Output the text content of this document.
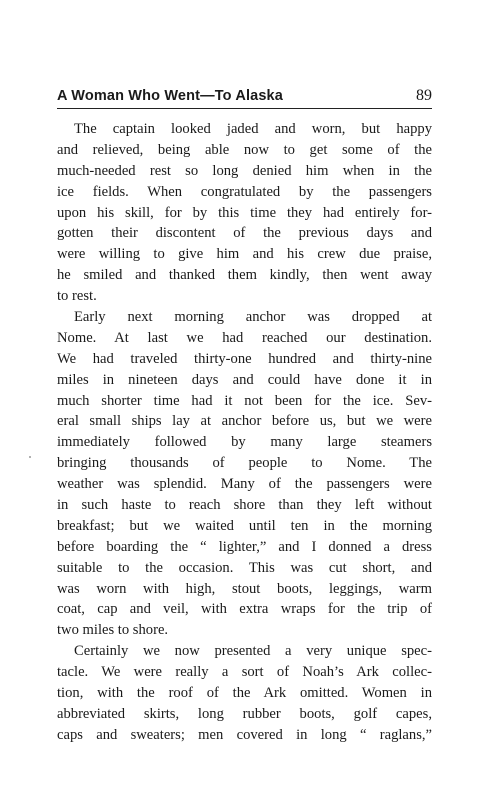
A Woman Who Went—To Alaska	89
The captain looked jaded and worn, but happy
and relieved, being able now to get some of the
much-needed rest so long denied him when in the
ice fields. When congratulated by the passengers
upon his skill, for by this time they had entirely for-
gotten their discontent of the previous days and
were willing to give him and his crew due praise,
he smiled and thanked them kindly, then went away
to rest.
Early next morning anchor was dropped at
Nome. At last we had reached our destination.
We had traveled thirty-one hundred and thirty-nine
miles in nineteen days and could have done it in
much shorter time had it not been for the ice. Sev-
eral small ships lay at anchor before us, but we were
immediately followed by many large steamers
bringing thousands of people to Nome. The
weather was splendid. Many of the passengers were
in such haste to reach shore than they left without
breakfast; but we waited until ten in the morning
before boarding the “ lighter,” and I donned a dress
suitable to the occasion. This was cut short, and
was worn with high, stout boots, leggings, warm
coat, cap and veil, with extra wraps for the trip of
two miles to shore.
Certainly we now presented a very unique spec-
tacle. We were really a sort of Noah’s Ark collec-
tion, with the roof of the Ark omitted. Women in
abbreviated skirts, long rubber boots, golf capes,
caps and sweaters; men covered in long “ raglans,”
